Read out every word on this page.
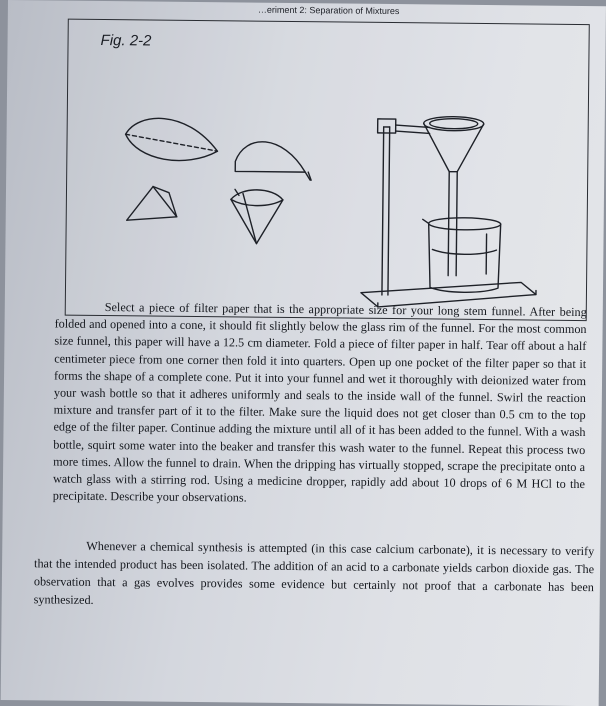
…eriment 2: Separation of Mixtures
Fig. 2-2

Select a piece of filter paper that is the appropriate size for your long stem funnel. After being folded and opened into a cone, it should fit slightly below the glass rim of the funnel. For the most common size funnel, this paper will have a 12.5 cm diameter. Fold a piece of filter paper in half. Tear off about a half centimeter piece from one corner then fold it into quarters. Open up one pocket of the filter paper so that it forms the shape of a complete cone. Put it into your funnel and wet it thoroughly with deionized water from your wash bottle so that it adheres uniformly and seals to the inside wall of the funnel. Swirl the reaction mixture and transfer part of it to the filter. Make sure the liquid does not get closer than 0.5 cm to the top edge of the filter paper. Continue adding the mixture until all of it has been added to the funnel. With a wash bottle, squirt some water into the beaker and transfer this wash water to the funnel. Repeat this process two more times. Allow the funnel to drain. When the dripping has virtually stopped, scrape the precipitate onto a watch glass with a stirring rod. Using a medicine dropper, rapidly add about 10 drops of 6 M HCl to the precipitate. Describe your observations.

Whenever a chemical synthesis is attempted (in this case calcium carbonate), it is necessary to verify that the intended product has been isolated. The addition of an acid to a carbonate yields carbon dioxide gas. The observation that a gas evolves provides some evidence but certainly not proof that a carbonate has been synthesized.
